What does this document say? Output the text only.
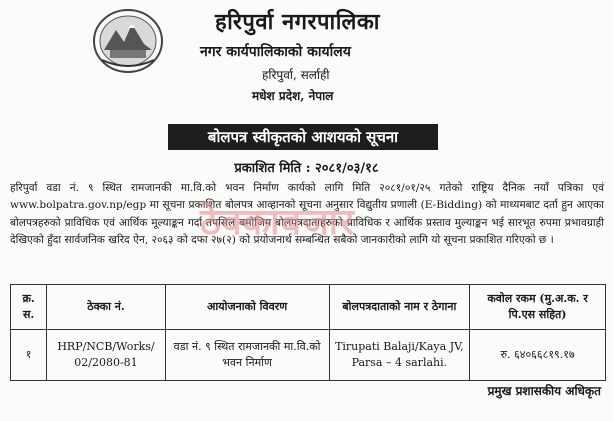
हरिपुर्वा नगरपालिका
नगर कार्यपालिकाको कार्यालय
हरिपुर्वा, सर्लाही
मधेश प्रदेश, नेपाल
बोलपत्र स्वीकृतको आशयको सूचना
प्रकाशित मिति : २०८१/०३/१८

हरिपुर्वा वडा नं. ९ स्थित रामजानकी मा.वि.को भवन निर्माण कार्यको लागि मिति २०८१/०१/२५ गतेको राष्ट्रिय दैनिक नयाँ पत्रिका एवं www.bolpatra.gov.np/egp मा सूचना प्रकाशित बोलपत्र आव्हानको सूचना अनुसार विद्युतीय प्रणाली (E-Bidding) को माध्यमबाट दर्ता हुन आएका बोलपत्रहरुको प्राविधिक एवं आर्थिक मूल्याङ्कन गर्दा तपसिल बमोजिम बोलपत्रदाताहरुको प्राविधिक र आर्थिक प्रस्ताव मुल्याङ्कन भई सारभूत रुपमा प्रभावग्राही देखिएको हुँदा सार्वजनिक खरिद ऐन, २०६३ को दफा २७(२) को प्रयोजनार्थ सम्बन्धित सबैको जानकारीको लागि यो सूचना प्रकाशित गरिएको छ ।

ठेक्काबजार
क्र. स.	ठेक्का नं.	आयोजनाको विवरण	बोलपत्रदाताको नाम र ठेगाना	कवोल रकम (मु.अ.क. र पि.एस सहित)
१	HRP/NCB/Works/ 02/2080-81	वडा नं. ९ स्थित रामजानकी मा.वि.को भवन निर्माण	Tirupati Balaji/Kaya JV, Parsa – 4 sarlahi.	रु. ६४०६६८१९.१७
प्रमुख प्रशासकीय अधिकृत
